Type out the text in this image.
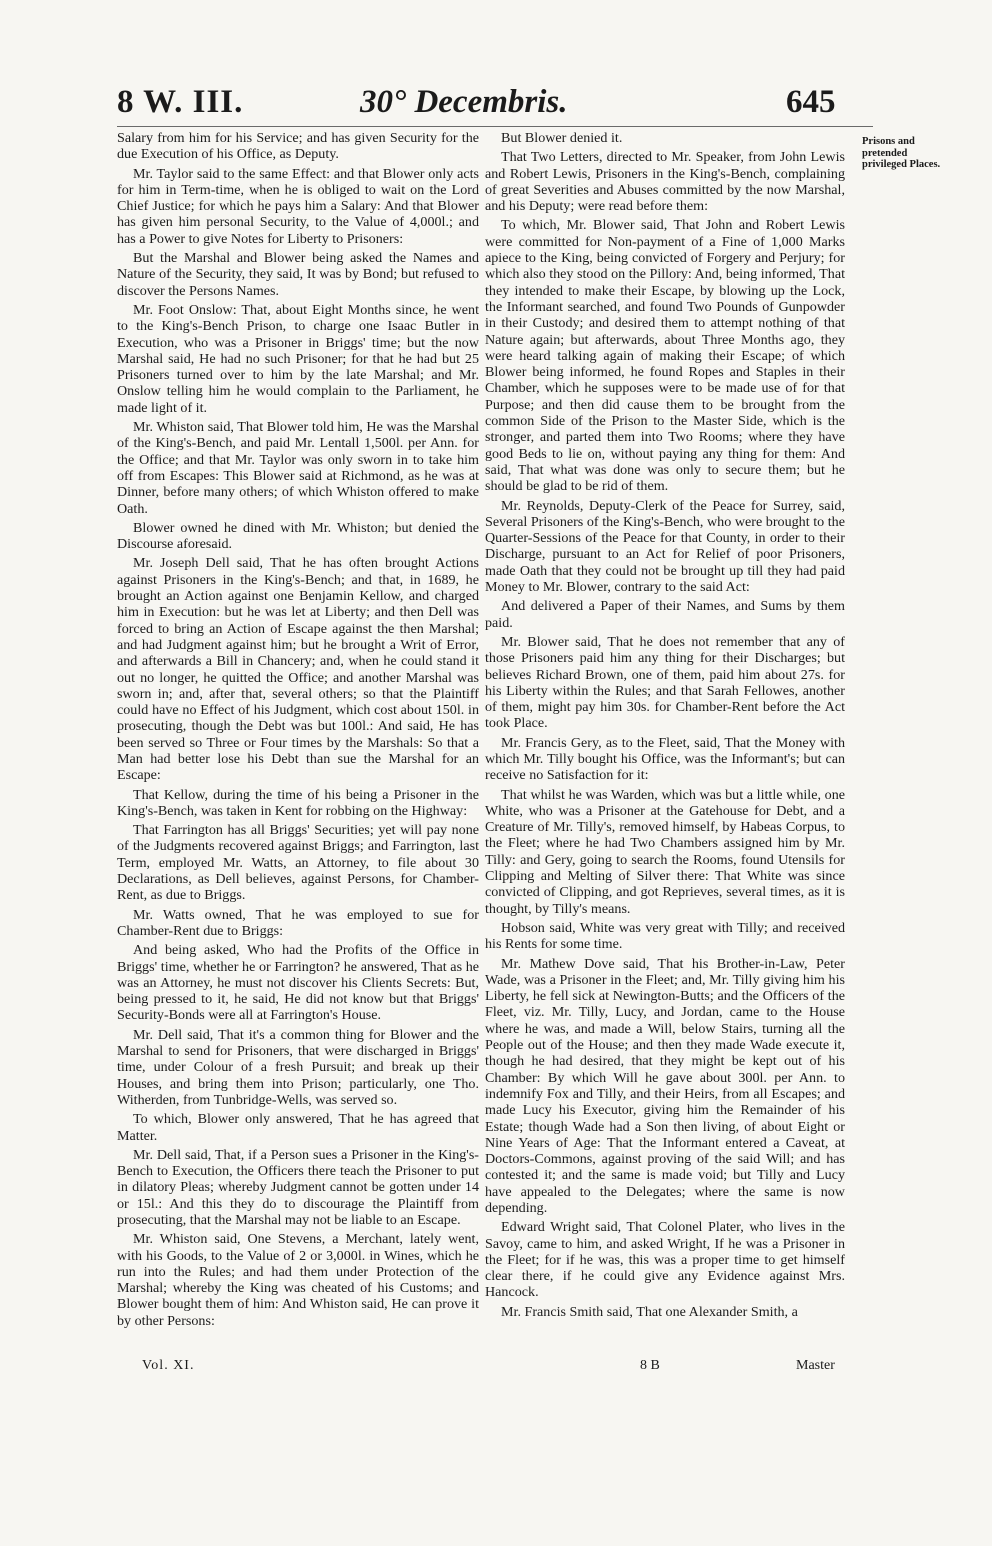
8 W. III.	30° Decembris.	645

Salary from him for his Service; and has given Security for the due Execution of his Office, as Deputy.

Mr. Taylor said to the same Effect: and that Blower only acts for him in Term-time, when he is obliged to wait on the Lord Chief Justice; for which he pays him a Salary: And that Blower has given him personal Security, to the Value of 4,000l.; and has a Power to give Notes for Liberty to Prisoners:

But the Marshal and Blower being asked the Names and Nature of the Security, they said, It was by Bond; but refused to discover the Persons Names.

Mr. Foot Onslow: That, about Eight Months since, he went to the King's-Bench Prison, to charge one Isaac Butler in Execution, who was a Prisoner in Briggs' time; but the now Marshal said, He had no such Prisoner; for that he had but 25 Prisoners turned over to him by the late Marshal; and Mr. Onslow telling him he would complain to the Parliament, he made light of it.

Mr. Whiston said, That Blower told him, He was the Marshal of the King's-Bench, and paid Mr. Lentall 1,500l. per Ann. for the Office; and that Mr. Taylor was only sworn in to take him off from Escapes: This Blower said at Richmond, as he was at Dinner, before many others; of which Whiston offered to make Oath.

Blower owned he dined with Mr. Whiston; but denied the Discourse aforesaid.

Mr. Joseph Dell said, That he has often brought Actions against Prisoners in the King's-Bench; and that, in 1689, he brought an Action against one Benjamin Kellow, and charged him in Execution: but he was let at Liberty; and then Dell was forced to bring an Action of Escape against the then Marshal; and had Judgment against him; but he brought a Writ of Error, and afterwards a Bill in Chancery; and, when he could stand it out no longer, he quitted the Office; and another Marshal was sworn in; and, after that, several others; so that the Plaintiff could have no Effect of his Judgment, which cost about 150l. in prosecuting, though the Debt was but 100l.: And said, He has been served so Three or Four times by the Marshals: So that a Man had better lose his Debt than sue the Marshal for an Escape:

That Kellow, during the time of his being a Prisoner in the King's-Bench, was taken in Kent for robbing on the Highway:

That Farrington has all Briggs' Securities; yet will pay none of the Judgments recovered against Briggs; and Farrington, last Term, employed Mr. Watts, an Attorney, to file about 30 Declarations, as Dell believes, against Persons, for Chamber-Rent, as due to Briggs.

Mr. Watts owned, That he was employed to sue for Chamber-Rent due to Briggs:

And being asked, Who had the Profits of the Office in Briggs' time, whether he or Farrington? he answered, That as he was an Attorney, he must not discover his Clients Secrets: But, being pressed to it, he said, He did not know but that Briggs' Security-Bonds were all at Farrington's House.

Mr. Dell said, That it's a common thing for Blower and the Marshal to send for Prisoners, that were discharged in Briggs' time, under Colour of a fresh Pursuit; and break up their Houses, and bring them into Prison; particularly, one Tho. Witherden, from Tunbridge-Wells, was served so.

To which, Blower only answered, That he has agreed that Matter.

Mr. Dell said, That, if a Person sues a Prisoner in the King's-Bench to Execution, the Officers there teach the Prisoner to put in dilatory Pleas; whereby Judgment cannot be gotten under 14 or 15l.: And this they do to discourage the Plaintiff from prosecuting, that the Marshal may not be liable to an Escape.

Mr. Whiston said, One Stevens, a Merchant, lately went, with his Goods, to the Value of 2 or 3,000l. in Wines, which he run into the Rules; and had them under Protection of the Marshal; whereby the King was cheated of his Customs; and Blower bought them of him: And Whiston said, He can prove it by other Persons:

But Blower denied it.

That Two Letters, directed to Mr. Speaker, from John Lewis and Robert Lewis, Prisoners in the King's-Bench, complaining of great Severities and Abuses committed by the now Marshal, and his Deputy; were read before them:

To which, Mr. Blower said, That John and Robert Lewis were committed for Non-payment of a Fine of 1,000 Marks apiece to the King, being convicted of Forgery and Perjury; for which also they stood on the Pillory: And, being informed, That they intended to make their Escape, by blowing up the Lock, the Informant searched, and found Two Pounds of Gunpowder in their Custody; and desired them to attempt nothing of that Nature again; but afterwards, about Three Months ago, they were heard talking again of making their Escape; of which Blower being informed, he found Ropes and Staples in their Chamber, which he supposes were to be made use of for that Purpose; and then did cause them to be brought from the common Side of the Prison to the Master Side, which is the stronger, and parted them into Two Rooms; where they have good Beds to lie on, without paying any thing for them: And said, That what was done was only to secure them; but he should be glad to be rid of them.

Mr. Reynolds, Deputy-Clerk of the Peace for Surrey, said, Several Prisoners of the King's-Bench, who were brought to the Quarter-Sessions of the Peace for that County, in order to their Discharge, pursuant to an Act for Relief of poor Prisoners, made Oath that they could not be brought up till they had paid Money to Mr. Blower, contrary to the said Act:

And delivered a Paper of their Names, and Sums by them paid.

Mr. Blower said, That he does not remember that any of those Prisoners paid him any thing for their Discharges; but believes Richard Brown, one of them, paid him about 27s. for his Liberty within the Rules; and that Sarah Fellowes, another of them, might pay him 30s. for Chamber-Rent before the Act took Place.

Mr. Francis Gery, as to the Fleet, said, That the Money with which Mr. Tilly bought his Office, was the Informant's; but can receive no Satisfaction for it:

That whilst he was Warden, which was but a little while, one White, who was a Prisoner at the Gatehouse for Debt, and a Creature of Mr. Tilly's, removed himself, by Habeas Corpus, to the Fleet; where he had Two Chambers assigned him by Mr. Tilly: and Gery, going to search the Rooms, found Utensils for Clipping and Melting of Silver there: That White was since convicted of Clipping, and got Reprieves, several times, as it is thought, by Tilly's means.

Hobson said, White was very great with Tilly; and received his Rents for some time.

Mr. Mathew Dove said, That his Brother-in-Law, Peter Wade, was a Prisoner in the Fleet; and, Mr. Tilly giving him his Liberty, he fell sick at Newington-Butts; and the Officers of the Fleet, viz. Mr. Tilly, Lucy, and Jordan, came to the House where he was, and made a Will, below Stairs, turning all the People out of the House; and then they made Wade execute it, though he had desired, that they might be kept out of his Chamber: By which Will he gave about 300l. per Ann. to indemnify Fox and Tilly, and their Heirs, from all Escapes; and made Lucy his Executor, giving him the Remainder of his Estate; though Wade had a Son then living, of about Eight or Nine Years of Age: That the Informant entered a Caveat, at Doctors-Commons, against proving of the said Will; and has contested it; and the same is made void; but Tilly and Lucy have appealed to the Delegates; where the same is now depending.

Edward Wright said, That Colonel Plater, who lives in the Savoy, came to him, and asked Wright, If he was a Prisoner in the Fleet; for if he was, this was a proper time to get himself clear there, if he could give any Evidence against Mrs. Hancock.

Mr. Francis Smith said, That one Alexander Smith, a

Prisons and pretended privileged Places.
Vol. XI.	8 B	Master
